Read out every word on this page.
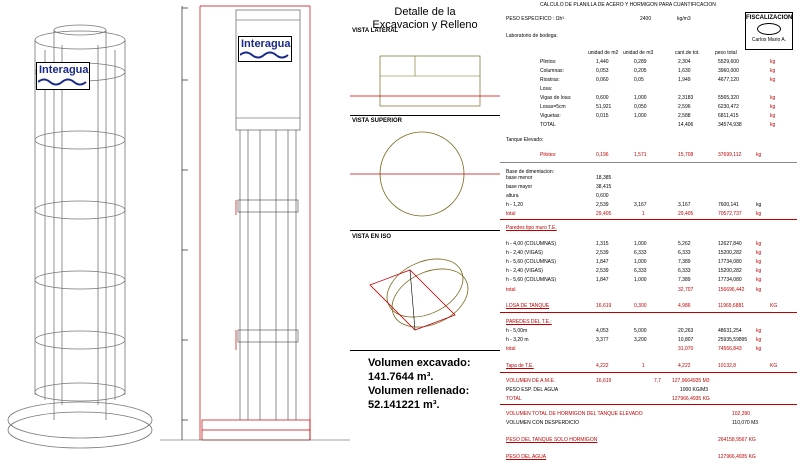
Interagua
Interagua
Detalle de la
Excavacion y Relleno
VISTA LATERAL
VISTA SUPERIOR
VISTA EN ISO
Volumen excavado:
141.7644 m³.
Volumen rellenado:
52.141221 m³.
CALCULO DE PLANILLA DE ACERO Y HORMIGON PARA CUANTIFICACION
FISCALIZACION
Carlos Mario A.
PESO ESPECIFICO : Ωh³	2400	kg/m3
Laboratorio de bodega:
unidad de m2 unidad de m3	cant.de tot.	peso total
Plintos:	1,440	0,289	2,304	5529,600	kg
Columnas:	0,053	0,205	1,630	3960,000	kg
Riostras:	0,060	0,05	1,949	4677,120	kg
Losa:
Vigas de losa:	0,600	1,000	2,3183	5565,320	kg
Losas=5cm	51,921	0,050	2,596	6230,472	kg
Viguetas:	0,015	1,000	2,588	6811,415	kg
TOTAL	14,406	34574,938	kg
Tanque Elevado:
Pilotes:	0,196	1,571	15,708	37699,112	kg
Base de dimentacion:
base menor	18,385
base mayor	38,415
altura	0,600
h - 1,20	2,539	3,167	3,167	7600,141	kg
total	29,405	1	29,405	70572,737	kg
Paredes tipo muro T.E.
h - 4,00 (COLUMNAS)	1,315	1,000	5,262	12627,840	kg
h - 2,40 (VIGAS)	2,539	6,333	6,333	15200,282	kg
h - 5,60 (COLUMNAS)	1,847	1,000	7,389	17734,080	kg
h - 2,40 (VIGAS)	2,539	6,333	6,333	15200,282	kg
h - 5,60 (COLUMNAS)	1,847	1,000	7,389	17734,080	kg
total	32,707	156696,442 kg
LOSA DE TANQUE	16,619	0,300	4,986	11965,6881	KG
PAREDES DEL T.E.:
h - 5,00m	4,053	5,000	20,263	48631,254	kg
h - 3,20 m	3,377	3,200	10,807	25935,59895 kg
total	31,070	74566,843	kg
Tapa de T.E.	4,222	1	4,222	10132,8	KG
VOLUMEN DE A.M.E.	16,619	7,7 127,9664935 M3
PESO ESP. DEL AGUA	1000 KG/M3
TOTAL	127966,4935 KG
VOLUMEN TOTAL DE HORMIGON DEL TANQUE ELEVADO	102,390
VOLUMEN CON DESPERDICIO	110,070 M3
PESO DEL TANQUE SOLO HORMIGON	264158,9567 KG
PESO DEL AGUA	127966,4935 KG
